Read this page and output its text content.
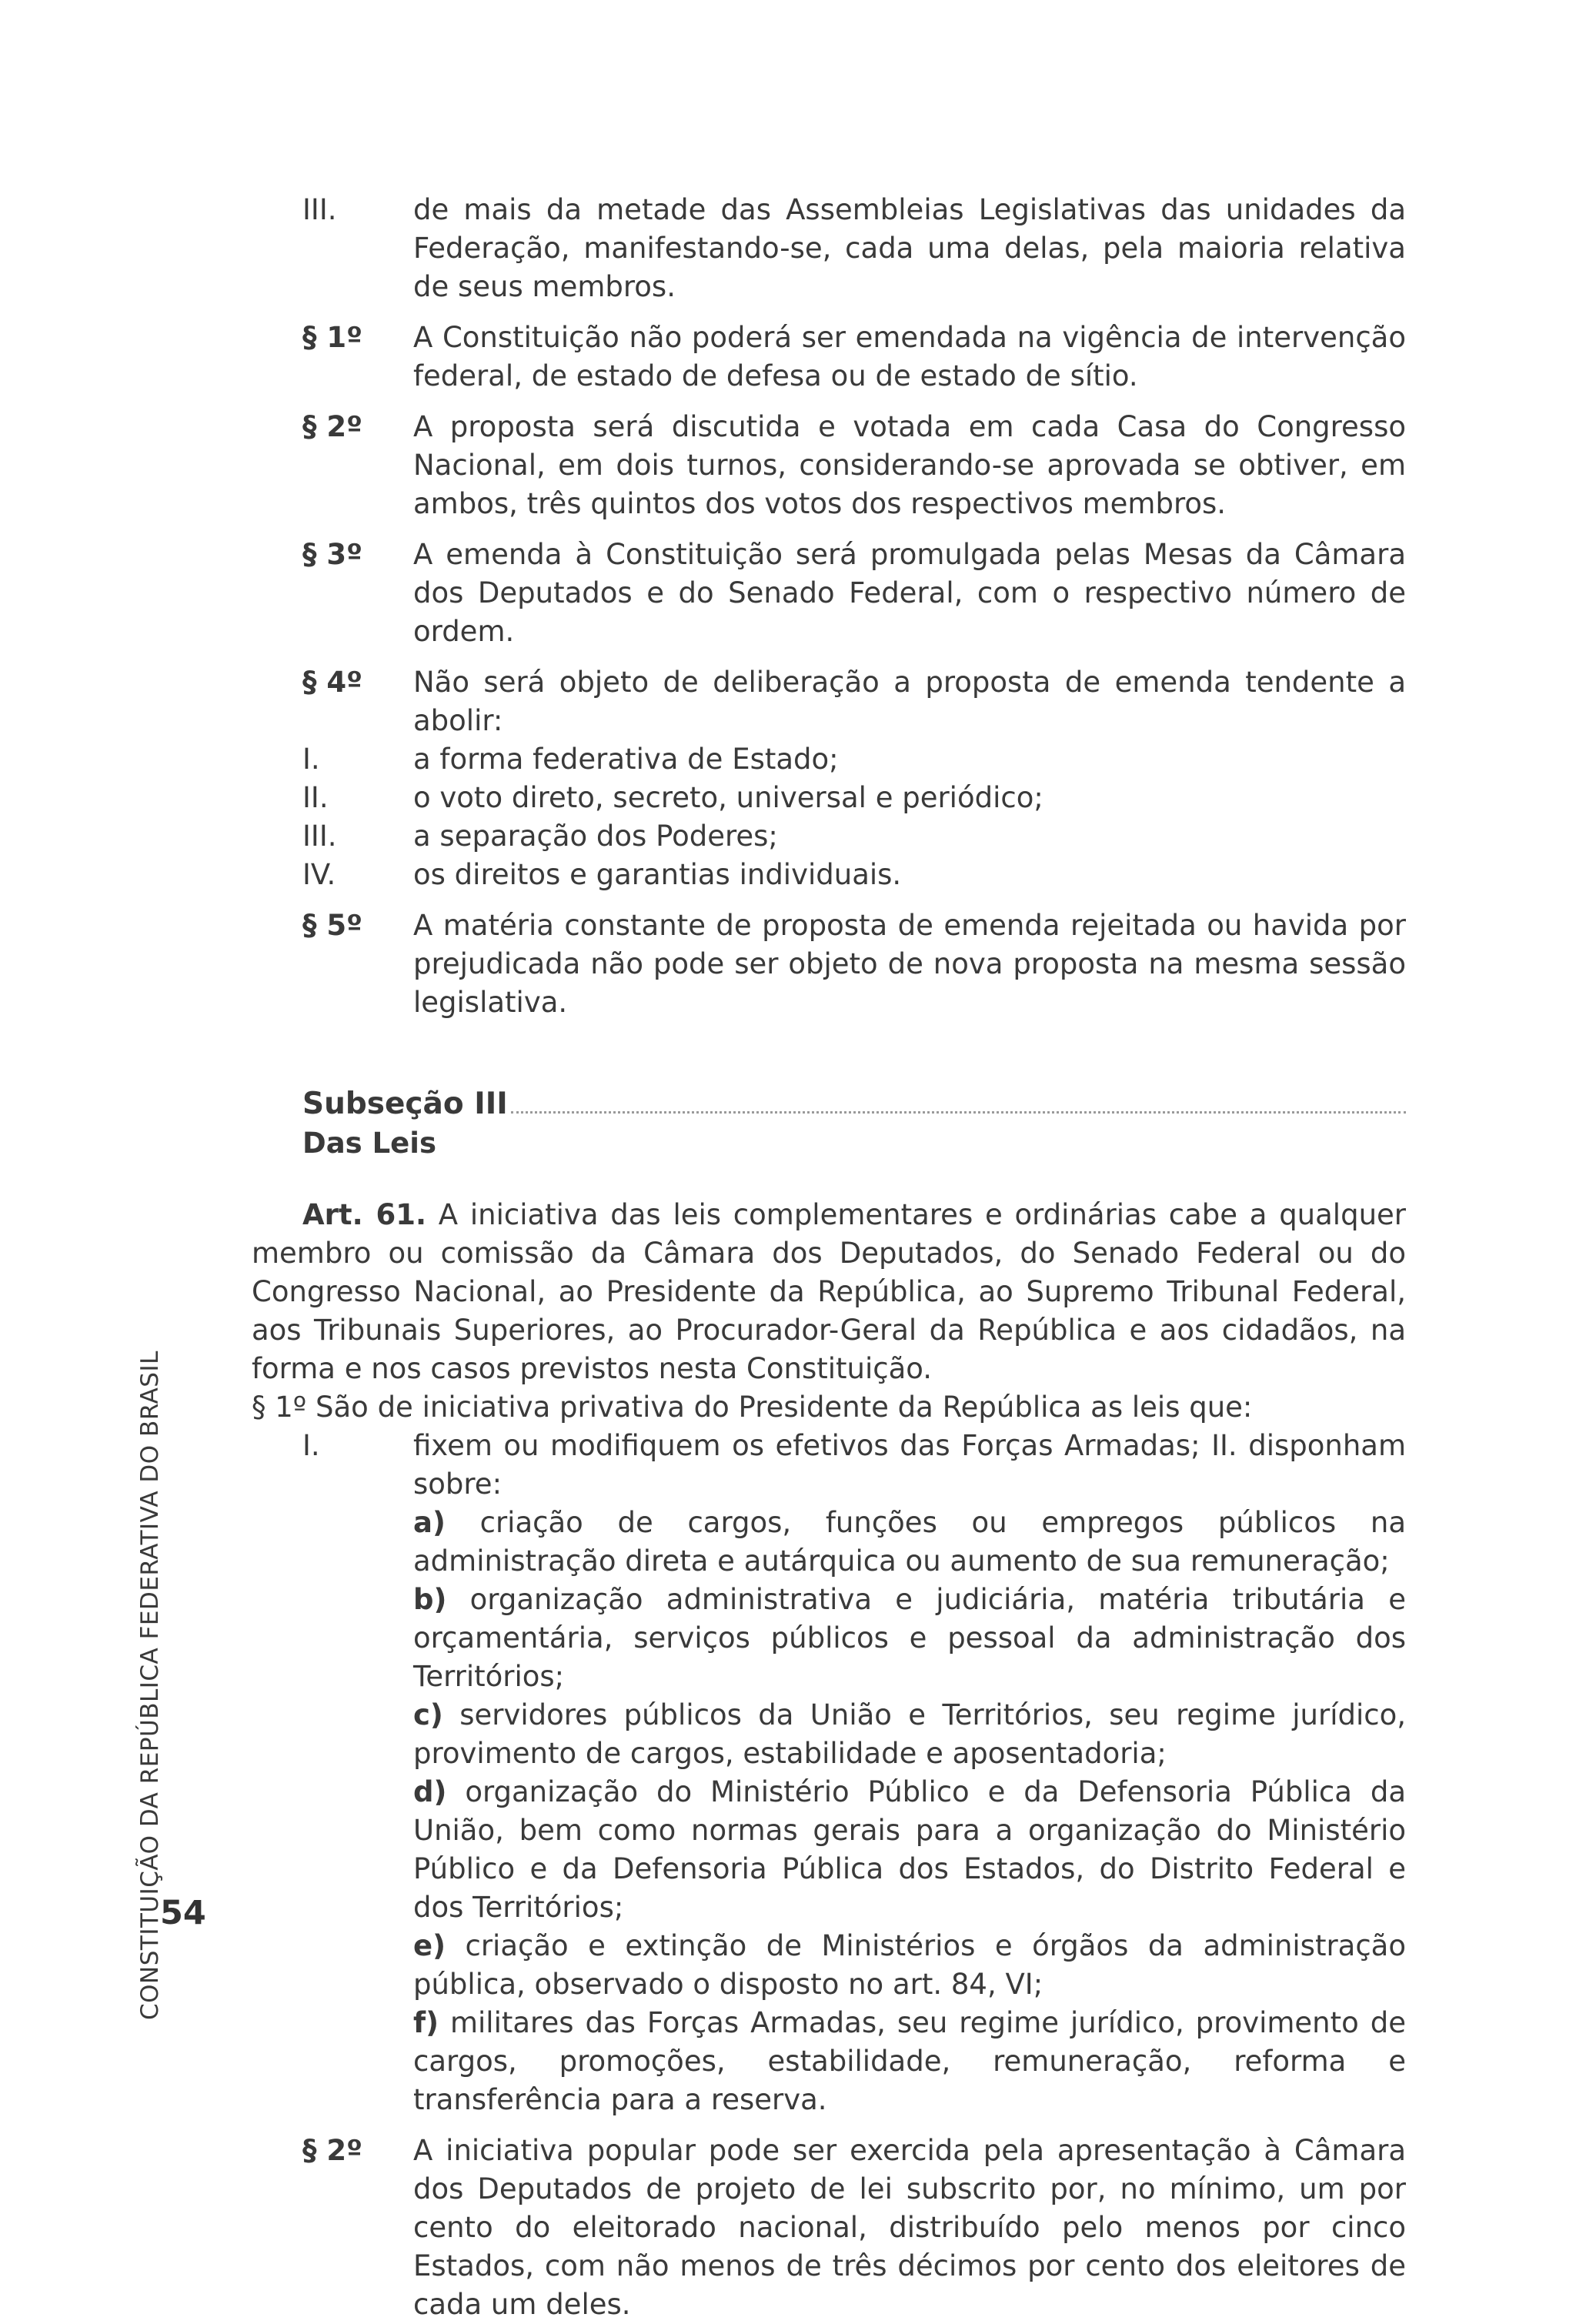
CONSTITUIÇÃO DA REPÚBLICA FEDERATIVA DO BRASIL
54
III.	de mais da metade das Assembleias Legislativas das unidades da Federação, manifestando-se, cada uma delas, pela maioria relativa de seus membros.
§ 1º	A Constituição não poderá ser emendada na vigência de intervenção federal, de estado de defesa ou de estado de sítio.
§ 2º	A proposta será discutida e votada em cada Casa do Congresso Nacional, em dois turnos, considerando-se aprovada se obtiver, em ambos, três quintos dos votos dos respectivos membros.
§ 3º	A emenda à Constituição será promulgada pelas Mesas da Câmara dos Deputados e do Senado Federal, com o respectivo número de ordem.
§ 4º	Não será objeto de deliberação a proposta de emenda tendente a abolir:
I.	a forma federativa de Estado;
II.	o voto direto, secreto, universal e periódico;
III.	a separação dos Poderes;
IV.	os direitos e garantias individuais.
§ 5º	A matéria constante de proposta de emenda rejeitada ou havida por prejudicada não pode ser objeto de nova proposta na mesma sessão legislativa.
Subseção III
Das Leis
Art. 61. A iniciativa das leis complementares e ordinárias cabe a qualquer membro ou comissão da Câmara dos Deputados, do Senado Federal ou do Congresso Nacional, ao Presidente da República, ao Supremo Tribunal Federal, aos Tribunais Superiores, ao Procurador-Geral da República e aos cidadãos, na forma e nos casos previstos nesta Constituição.
§ 1º São de iniciativa privativa do Presidente da República as leis que:
I.	fixem ou modifiquem os efetivos das Forças Armadas; II. disponham sobre:
a) criação de cargos, funções ou empregos públicos na administração direta e autárquica ou aumento de sua remuneração;
b) organização administrativa e judiciária, matéria tributária e orçamentária, serviços públicos e pessoal da administração dos Territórios;
c) servidores públicos da União e Territórios, seu regime jurídico, provimento de cargos, estabilidade e aposentadoria;
d) organização do Ministério Público e da Defensoria Pública da União, bem como normas gerais para a organização do Ministério Público e da Defensoria Pública dos Estados, do Distrito Federal e dos Territórios;
e) criação e extinção de Ministérios e órgãos da administração pública, observado o disposto no art. 84, VI;
f) militares das Forças Armadas, seu regime jurídico, provimento de cargos, promoções, estabilidade, remuneração, reforma e transferência para a reserva.
§ 2º	A iniciativa popular pode ser exercida pela apresentação à Câmara dos Deputados de projeto de lei subscrito por, no mínimo, um por cento do eleitorado nacional, distribuído pelo menos por cinco Estados, com não menos de três décimos por cento dos eleitores de cada um deles.
